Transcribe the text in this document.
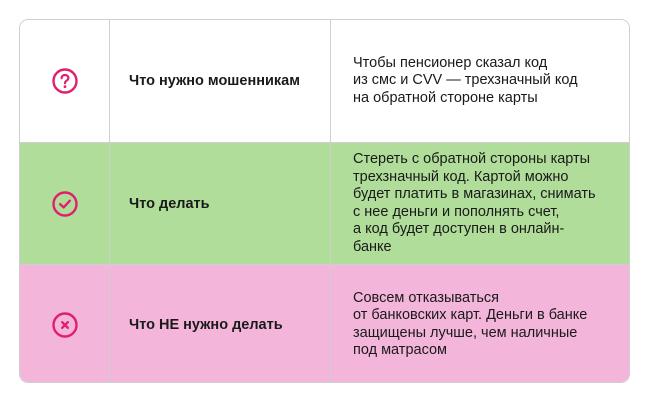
Что нужно мошенникам
Чтобы пенсионер сказал код
из смс и CVV — трехзначный код
на обратной стороне карты
Что делать
Стереть с обратной стороны карты
трехзначный код. Картой можно
будет платить в магазинах, снимать
с нее деньги и пополнять счет,
а код будет доступен в онлайн-
банке
Что НЕ нужно делать
Совсем отказываться
от банковских карт. Деньги в банке
защищены лучше, чем наличные
под матрасом
